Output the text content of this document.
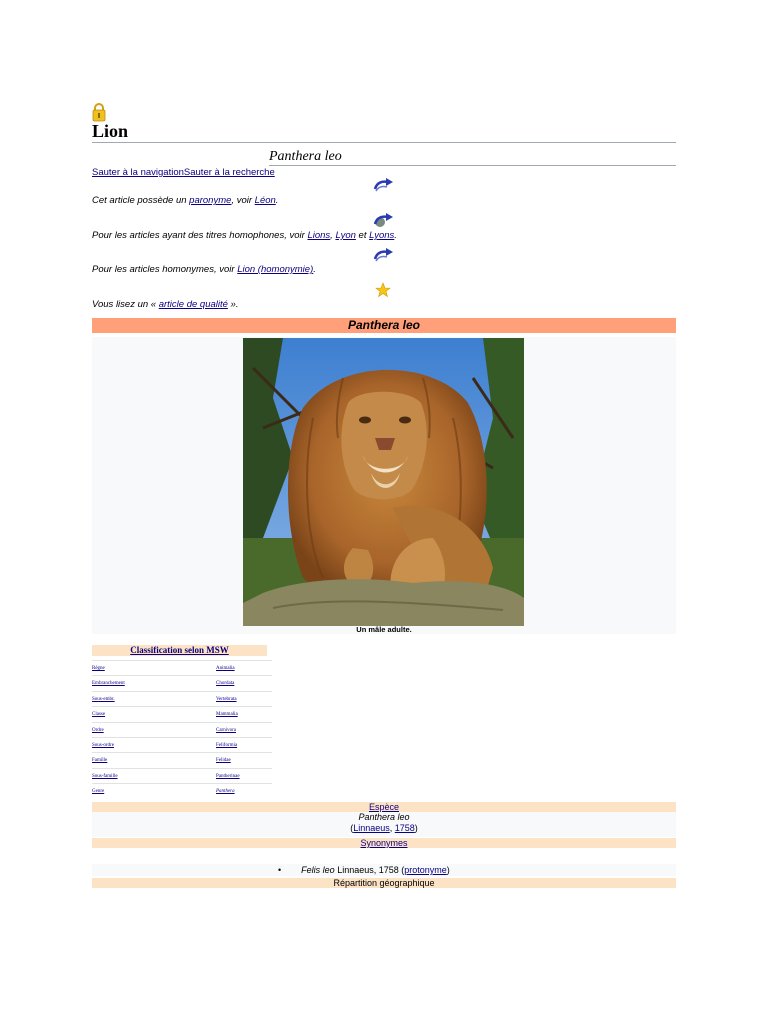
Lion
Panthera leo
Sauter à la navigationSauter à la recherche
Cet article possède un paronyme, voir Léon.
Pour les articles ayant des titres homophones, voir Lions, Lyon et Lyons.
Pour les articles homonymes, voir Lion (homonymie).
Vous lisez un « article de qualité ».
Panthera leo
Un mâle adulte.
Classification selon MSW
Règne	Animalia
Embranchement	Chordata
Sous-embr.	Vertebrata
Classe	Mammalia
Ordre	Carnivora
Sous-ordre	Feliformia
Famille	Felidae
Sous-famille	Pantherinae
Genre	Panthera
Espèce
Panthera leo
(Linnaeus, 1758)
Synonymes
• Felis leo Linnaeus, 1758 (protonyme)
Répartition géographique
